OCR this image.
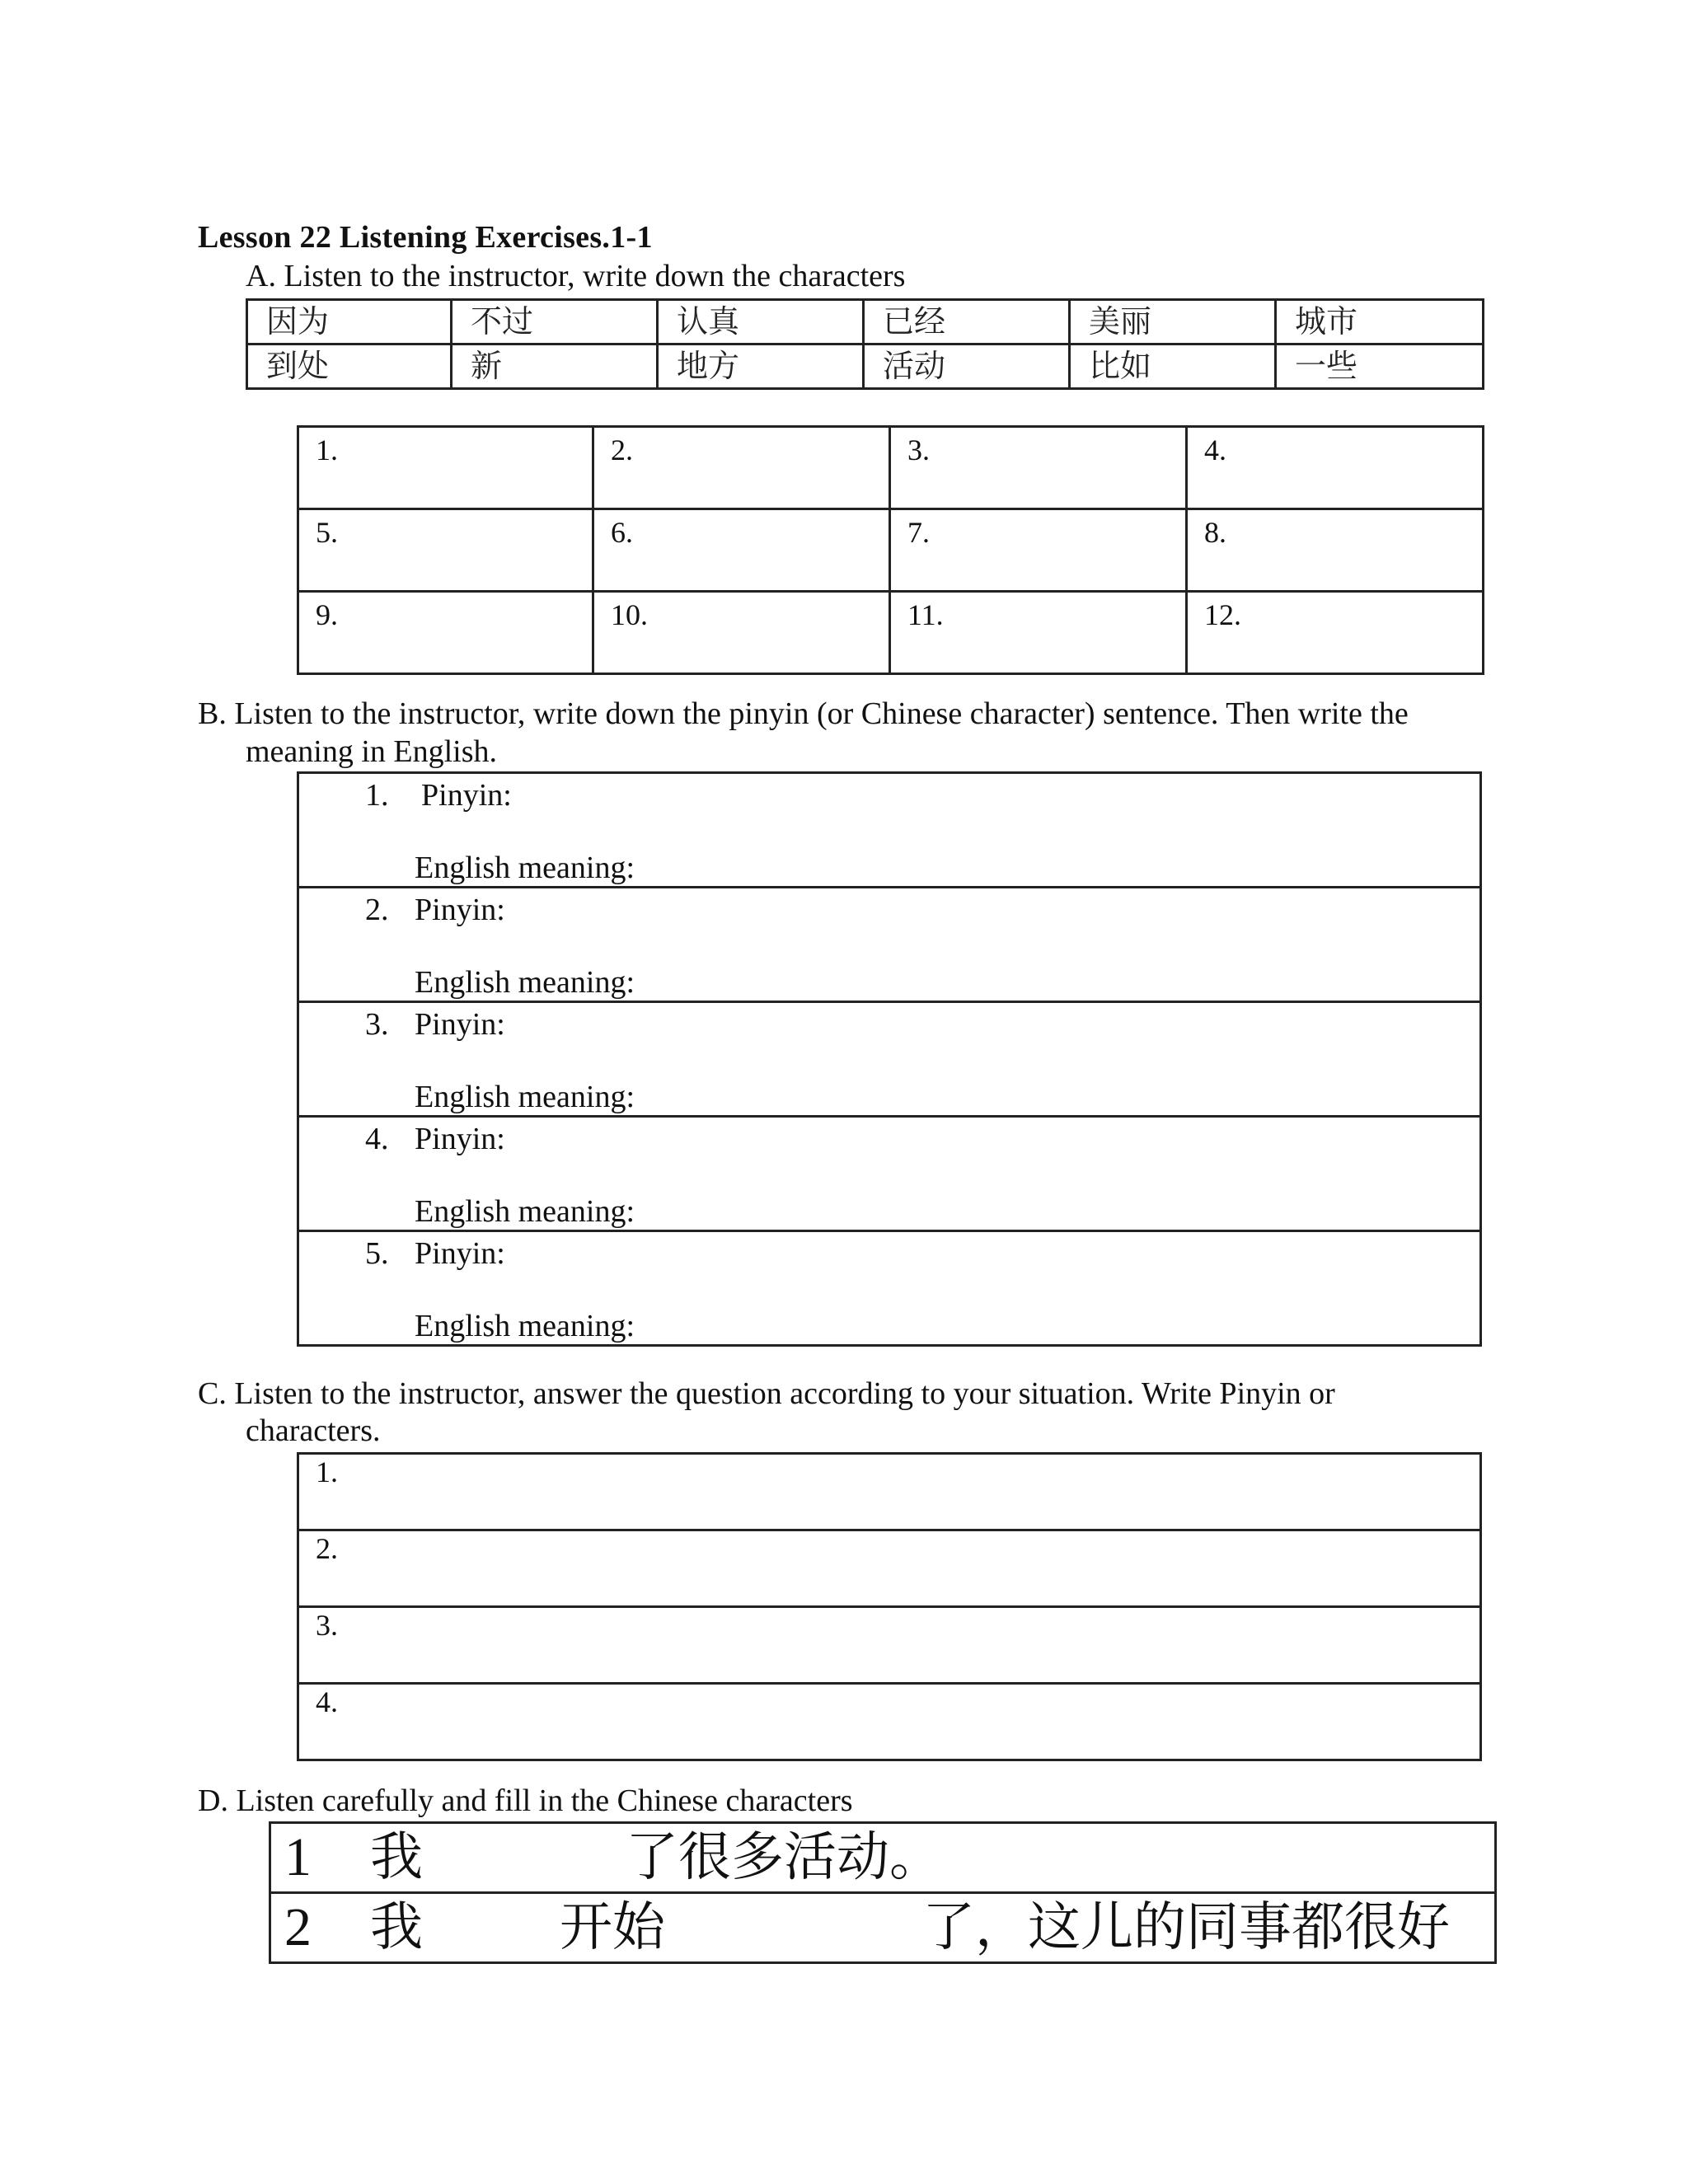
Lesson 22 Listening Exercises.1-1
A. Listen to the instructor, write down the characters
因为	不过	认真	已经	美丽	城市
到处	新	地方	活动	比如	一些
1.	2.	3.	4.
5.	6.	7.	8.
9.	10.	11.	12.
B. Listen to the instructor, write down the pinyin (or Chinese character) sentence. Then write the
meaning in English.
1. Pinyin:
English meaning:

2. Pinyin:
English meaning:

3. Pinyin:
English meaning:

4. Pinyin:
English meaning:

5. Pinyin:
English meaning:
C. Listen to the instructor, answer the question according to your situation. Write Pinyin or
characters.
1.
2.
3.
4.
D. Listen carefully and fill in the Chinese characters
1 我	了很多活动。

2 我	开始	了，这儿的同事都很好
